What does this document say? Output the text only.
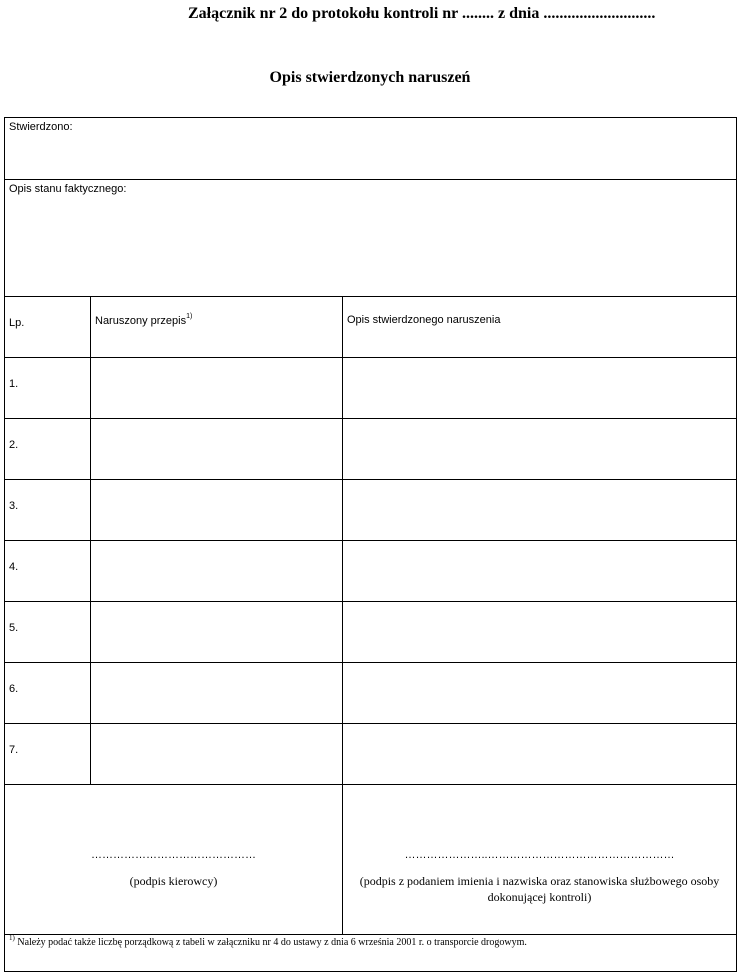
Załącznik nr 2 do protokołu kontroli nr ........ z dnia ............................
Opis stwierdzonych naruszeń
Stwierdzono:
Opis stanu faktycznego:
Lp.	Naruszony przepis$^{1)}$	Opis stwierdzonego naruszenia
1.
2.
3.
4.
5.
6.
7.
………………………………………
(podpis kierowcy)
…………………..……………………………………………
(podpis z podaniem imienia i nazwiska oraz stanowiska służbowego osoby dokonującej kontroli)
$^{1)}$ Należy podać także liczbę porządkową z tabeli w załączniku nr 4 do ustawy z dnia 6 września 2001 r. o transporcie drogowym.
